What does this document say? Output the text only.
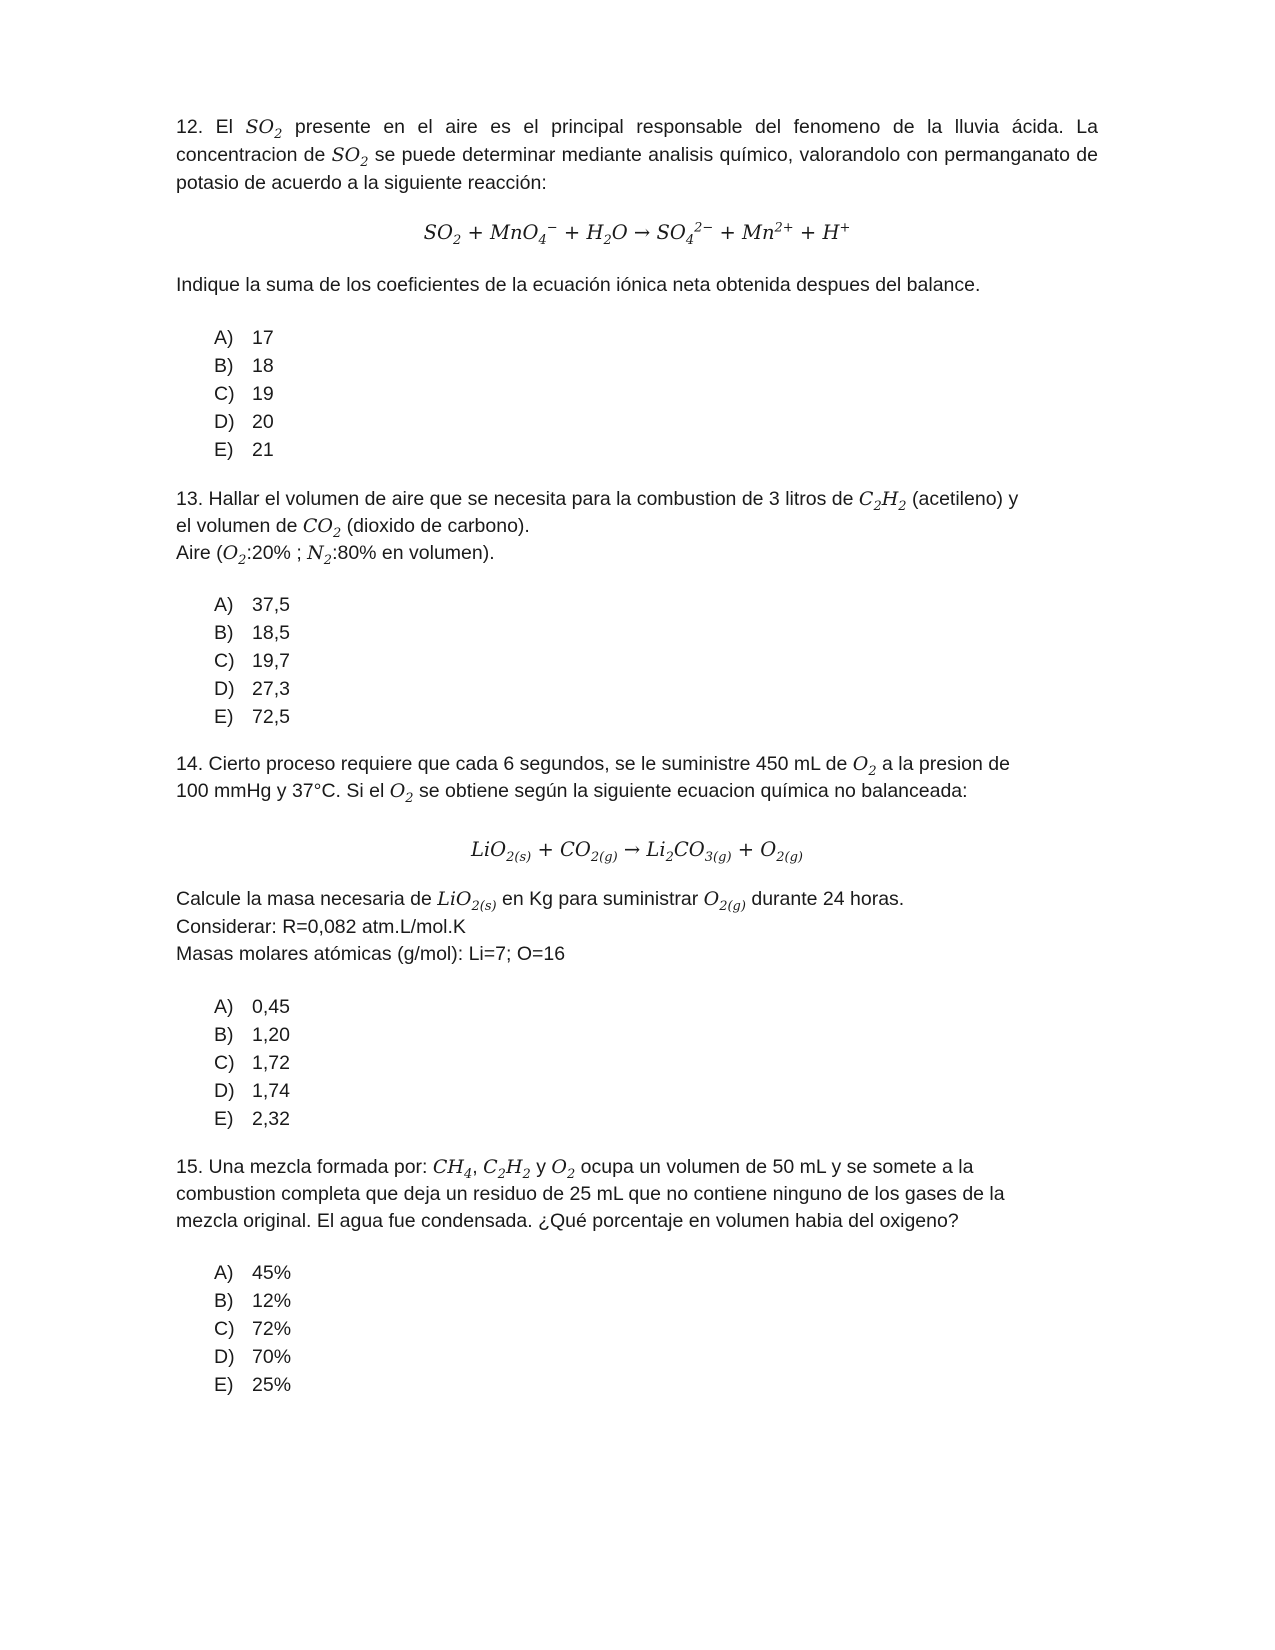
12. El $SO_2$ presente en el aire es el principal responsable del fenomeno de la lluvia ácida. La concentracion de $SO_2$ se puede determinar mediante analisis químico, valorandolo con permanganato de potasio de acuerdo a la siguiente reacción:

$SO_2 + MnO_4^- + H_2O \to SO_4^{2-} + Mn^{2+} + H^+$

Indique la suma de los coeficientes de la ecuación iónica neta obtenida despues del balance.

A) 17
B) 18
C) 19
D) 20
E) 21

13. Hallar el volumen de aire que se necesita para la combustion de 3 litros de $C_2H_2$ (acetileno) y

el volumen de $CO_2$ (dioxido de carbono).

Aire ($O_2:20\%$ ; $N_2:80\%$ en volumen).

A) 37,5
B) 18,5
C) 19,7
D) 27,3
E) 72,5

14. Cierto proceso requiere que cada 6 segundos, se le suministre 450 mL de $O_2$ a la presion de

100 mmHg y 37°C. Si el $O_2$ se obtiene según la siguiente ecuacion química no balanceada:

$LiO_{2(s)} + CO_{2(g)} \to Li_2CO_{3(g)} + O_{2(g)}$

Calcule la masa necesaria de LiO$_{2(s)}$ en Kg para suministrar $O_{2(g)}$ durante 24 horas.

Considerar: R=0,082 atm.L/mol.K

Masas molares atómicas (g/mol): Li=7; O=16

A) 0,45
B) 1,20
C) 1,72
D) 1,74
E) 2,32

15. Una mezcla formada por: $CH_4$, $C_2H_2$ y $O_2$ ocupa un volumen de 50 mL y se somete a la

combustion completa que deja un residuo de 25 mL que no contiene ninguno de los gases de la

mezcla original. El agua fue condensada. ¿Qué porcentaje en volumen habia del oxigeno?

A) 45%
B) 12%
C) 72%
D) 70%
E) 25%
